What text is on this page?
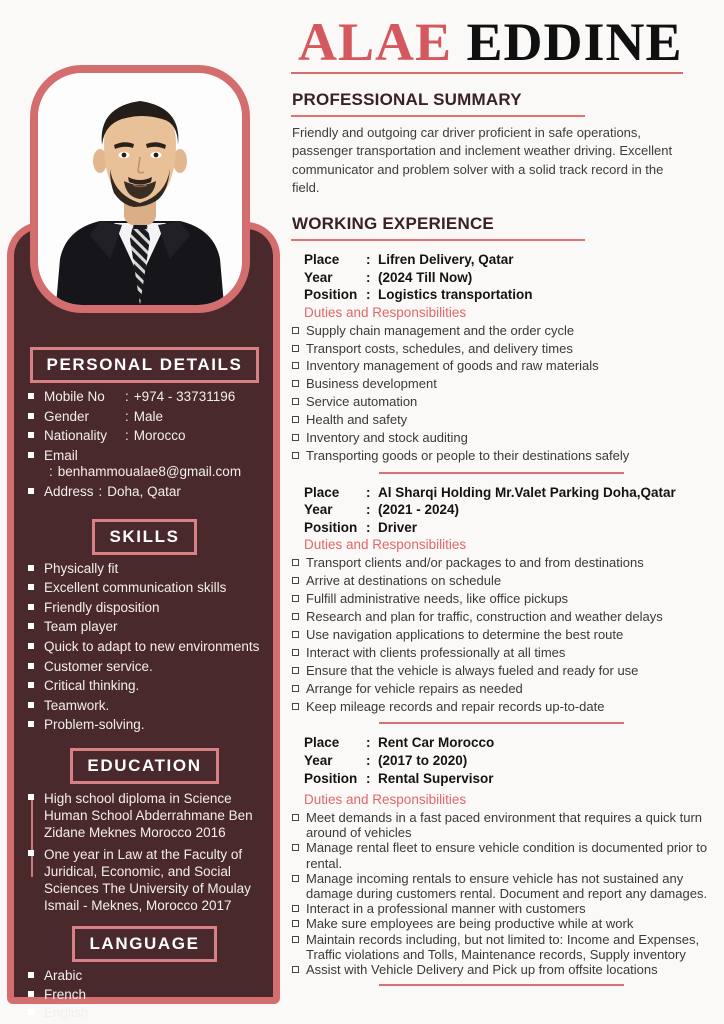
PERSONAL DETAILS
Mobile No : +974 - 33731196
Gender	: Male
Nationality : Morocco
Email: benhammoualae8@gmail.com
Address : Doha, Qatar
SKILLS
Physically fit
Excellent communication skills
Friendly disposition
Team player
Quick to adapt to new environments
Customer service.
Critical thinking.
Teamwork.
Problem-solving.
EDUCATION
High school diploma in Science Human School Abderrahmane Ben Zidane Meknes Morocco 2016
One year in Law at the Faculty of Juridical, Economic, and Social Sciences The University of Moulay Ismail - Meknes, Morocco 2017
LANGUAGE
Arabic
French
English
ALAE EDDINE
PROFESSIONAL SUMMARY

Friendly and outgoing car driver proficient in safe operations, passenger transportation and inclement weather driving. Excellent communicator and problem solver with a solid track record in the field.

WORKING EXPERIENCE
Place	: Lifren Delivery, Qatar
Year	: (2024 Till Now)
Position : Logistics transportation
Duties and Responsibilities
Supply chain management and the order cycle
Transport costs, schedules, and delivery times
Inventory management of goods and raw materials
Business development
Service automation
Health and safety
Inventory and stock auditing
Transporting goods or people to their destinations safely
Place	: Al Sharqi Holding Mr.Valet Parking Doha,Qatar
Year	: (2021 - 2024)
Position : Driver
Duties and Responsibilities
Transport clients and/or packages to and from destinations
Arrive at destinations on schedule
Fulfill administrative needs, like office pickups
Research and plan for traffic, construction and weather delays
Use navigation applications to determine the best route
Interact with clients professionally at all times
Ensure that the vehicle is always fueled and ready for use
Arrange for vehicle repairs as needed
Keep mileage records and repair records up-to-date
Place	: Rent Car Morocco
Year	: (2017 to 2020)
Position : Rental Supervisor
Duties and Responsibilities
Meet demands in a fast paced environment that requires a quick turn around of vehicles
Manage rental fleet to ensure vehicle condition is documented prior to rental.
Manage incoming rentals to ensure vehicle has not sustained any damage during customers rental. Document and report any damages.
Interact in a professional manner with customers
Make sure employees are being productive while at work
Maintain records including, but not limited to: Income and Expenses, Traffic violations and Tolls, Maintenance records, Supply inventory
Assist with Vehicle Delivery and Pick up from offsite locations
